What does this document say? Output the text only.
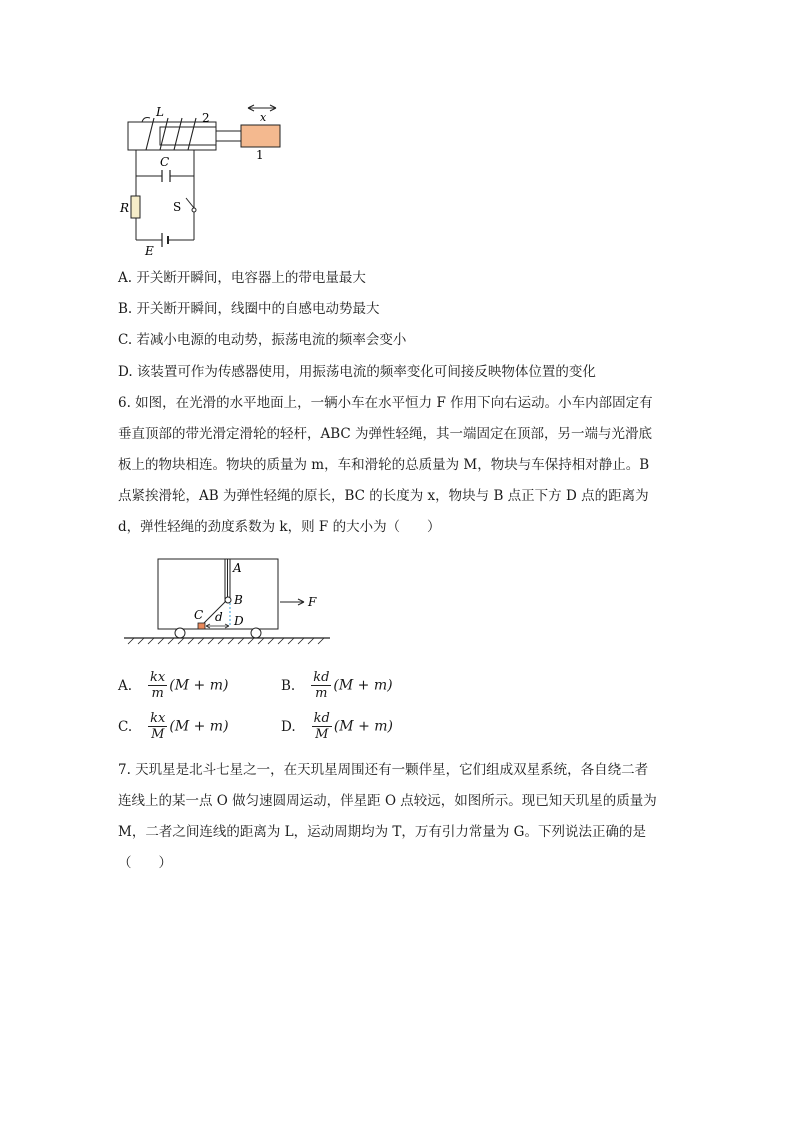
L	2	x
1
C
R	S
E
A. 开关断开瞬间，电容器上的带电量最大
B. 开关断开瞬间，线圈中的自感电动势最大
C. 若减小电源的电动势，振荡电流的频率会变小
D. 该装置可作为传感器使用，用振荡电流的频率变化可间接反映物体位置的变化
6. 如图，在光滑的水平地面上，一辆小车在水平恒力 F 作用下向右运动。小车内部固定有
垂直顶部的带光滑定滑轮的轻杆，ABC 为弹性轻绳，其一端固定在顶部，另一端与光滑底
板上的物块相连。物块的质量为 m，车和滑轮的总质量为 M，物块与车保持相对静止。B
点紧挨滑轮，AB 为弹性轻绳的原长，BC 的长度为 x，物块与 B 点正下方 D 点的距离为
d，弹性轻绳的劲度系数为 k，则 F 的大小为（　　）
A
B
C d D
F
A. $\frac{kx}{m} (M + m)$	B. $\frac{kd}{m} (M + m)$
C. $\frac{kx}{M} (M + m)$	D. $\frac{kd}{M} (M + m)$
7. 天玑星是北斗七星之一，在天玑星周围还有一颗伴星，它们组成双星系统，各自绕二者
连线上的某一点 O 做匀速圆周运动，伴星距 O 点较远，如图所示。现已知天玑星的质量为
M，二者之间连线的距离为 L，运动周期均为 T，万有引力常量为 G。下列说法正确的是
（　　）
